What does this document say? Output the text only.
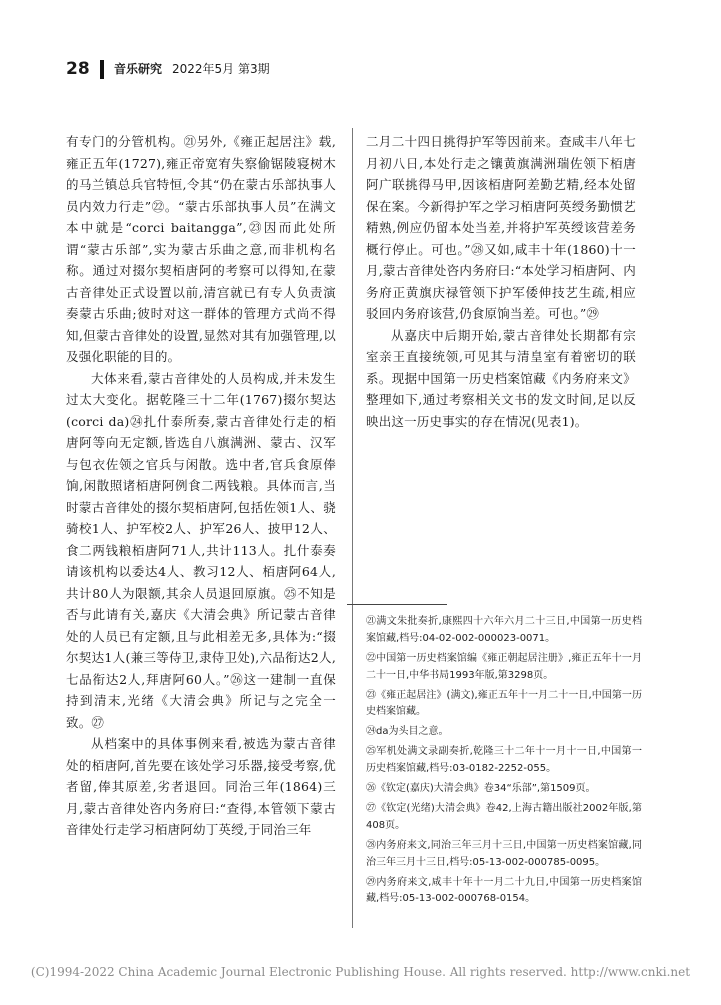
28 音乐研究 2022年5月 第3期

有专门的分管机构。㉑另外,《雍正起居注》载,雍正五年(1727),雍正帝宽宥失察偷锯陵寝树木的马兰镇总兵官特恒,令其“仍在蒙古乐部执事人员内效力行走”㉒。“蒙古乐部执事人员”在满文本中就是“corci baitangga”,㉓因而此处所谓“蒙古乐部”,实为蒙古乐曲之意,而非机构名称。通过对掇尔契栢唐阿的考察可以得知,在蒙古音律处正式设置以前,清宫就已有专人负责演奏蒙古乐曲;彼时对这一群体的管理方式尚不得知,但蒙古音律处的设置,显然对其有加强管理,以及强化职能的目的。

大体来看,蒙古音律处的人员构成,并未发生过太大变化。据乾隆三十二年(1767)掇尔契达(corci da)㉔扎什泰所奏,蒙古音律处行走的栢唐阿等向无定额,皆选自八旗满洲、蒙古、汉军与包衣佐领之官兵与闲散。选中者,官兵食原俸饷,闲散照诸栢唐阿例食二两钱粮。具体而言,当时蒙古音律处的掇尔契栢唐阿,包括佐领1人、骁骑校1人、护军校2人、护军26人、披甲12人、食二两钱粮栢唐阿71人,共计113人。扎什泰奏请该机构以委达4人、教习12人、栢唐阿64人,共计80人为限额,其余人员退回原旗。㉕不知是否与此请有关,嘉庆《大清会典》所记蒙古音律处的人员已有定额,且与此相差无多,具体为:“掇尔契达1人(兼三等侍卫,隶侍卫处),六品衔达2人,七品衔达2人,拜唐阿60人。”㉖这一建制一直保持到清末,光绪《大清会典》所记与之完全一致。㉗

从档案中的具体事例来看,被选为蒙古音律处的栢唐阿,首先要在该处学习乐器,接受考察,优者留,俸其原差,劣者退回。同治三年(1864)三月,蒙古音律处咨内务府曰:“查得,本管领下蒙古音律处行走学习栢唐阿幼丁英绶,于同治三年

二月二十四日挑得护军等因前来。查咸丰八年七月初八日,本处行走之镶黄旗满洲瑞佐领下栢唐阿广联挑得马甲,因该栢唐阿差勤艺精,经本处留保在案。今新得护军之学习栢唐阿英绶务勤惯艺精熟,例应仍留本处当差,并将护军英绶该营差务概行停止。可也。”㉘又如,咸丰十年(1860)十一月,蒙古音律处咨内务府曰:“本处学习栢唐阿、内务府正黄旗庆禄管领下护军倭伸技艺生疏,相应驳回内务府该营,仍食原饷当差。可也。”㉙

从嘉庆中后期开始,蒙古音律处长期都有宗室亲王直接统领,可见其与清皇室有着密切的联系。现据中国第一历史档案馆藏《内务府来文》整理如下,通过考察相关文书的发文时间,足以反映出这一历史事实的存在情况(见表1)。

㉑满文朱批奏折,康熙四十六年六月二十三日,中国第一历史档案馆藏,档号:04-02-002-000023-0071。

㉒中国第一历史档案馆编《雍正朝起居注册》,雍正五年十一月二十一日,中华书局1993年版,第3298页。

㉓《雍正起居注》(满文),雍正五年十一月二十一日,中国第一历史档案馆藏。

㉔da为头目之意。

㉕军机处满文录副奏折,乾隆三十二年十一月十一日,中国第一历史档案馆藏,档号:03-0182-2252-055。

㉖《钦定(嘉庆)大清会典》卷34“乐部”,第1509页。

㉗《钦定(光绪)大清会典》卷42,上海古籍出版社2002年版,第408页。

㉘内务府来文,同治三年三月十三日,中国第一历史档案馆藏,同治三年三月十三日,档号:05-13-002-000785-0095。

㉙内务府来文,咸丰十年十一月二十九日,中国第一历史档案馆藏,档号:05-13-002-000768-0154。

(C)1994-2022 China Academic Journal Electronic Publishing House. All rights reserved. http://www.cnki.net
